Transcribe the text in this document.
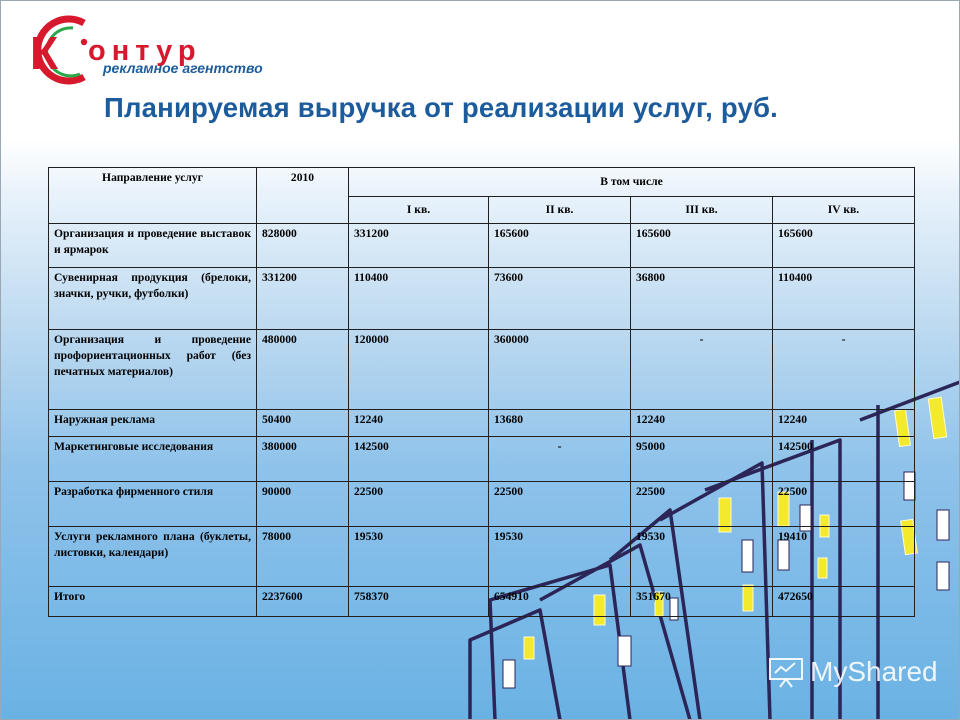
К онтур
рекламное агентство
Планируемая выручка от реализации услуг, руб.
Направление услуг	2010	В том числе			
		I кв.	II кв.	III кв.	IV кв.
Организация и проведение выставок и ярмарок	828000	331200	165600	165600	165600
Сувенирная продукция (брелоки, значки, ручки, футболки)	331200	110400	73600	36800	110400
Организация и проведение профориентационных работ (без печатных материалов)	480000	120000	360000	-	-
Наружная реклама	50400	12240	13680	12240	12240
Маркетинговые исследования	380000	142500	-	95000	142500
Разработка фирменного стиля	90000	22500	22500	22500	22500
Услуги рекламного плана (буклеты, листовки, календари)	78000	19530	19530	19530	19410
Итого	2237600	758370	654910	351670	472650
MyShared
